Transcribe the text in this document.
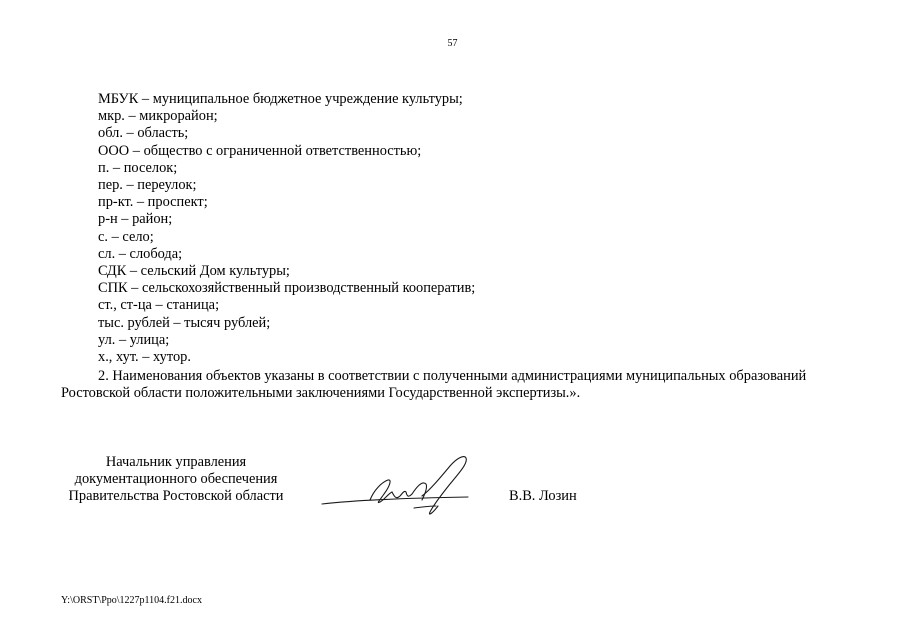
57
МБУК – муниципальное бюджетное учреждение культуры;
мкр. – микрорайон;
обл. – область;
ООО – общество с ограниченной ответственностью;
п. – поселок;
пер. – переулок;
пр-кт. – проспект;
р-н – район;
с. – село;
сл. – слобода;
СДК – сельский Дом культуры;
СПК – сельскохозяйственный производственный кооператив;
ст., ст-ца – станица;
тыс. рублей – тысяч рублей;
ул. – улица;
х., хут. – хутор.

2. Наименования объектов указаны в соответствии с полученными администрациями муниципальных образований Ростовской области положительными заключениями Государственной экспертизы.».

Начальник управления
документационного обеспечения
Правительства Ростовской области	В.В. Лозин
Y:\ORST\Ppo\1227p1104.f21.docx
